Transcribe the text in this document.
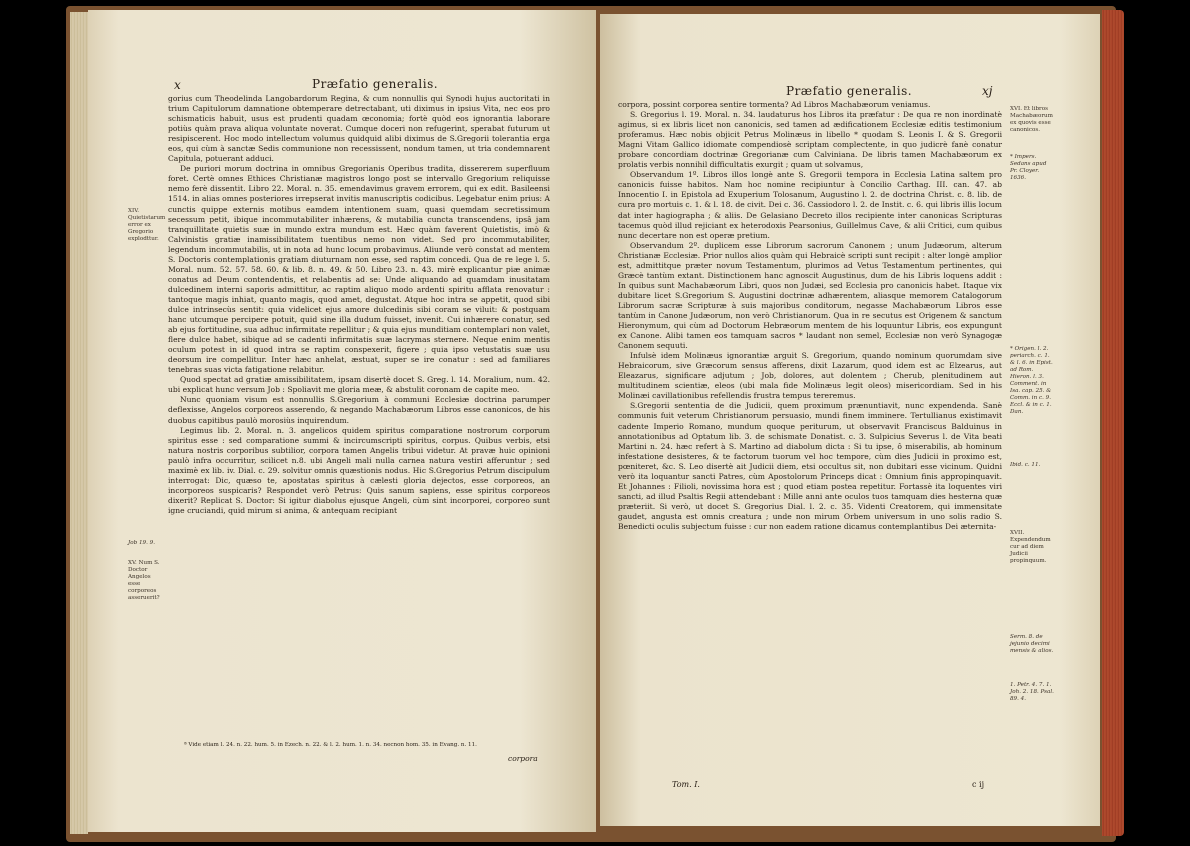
x	Præfatio generalis.

gorius cum Theodelinda Langobardorum Regina, & cum nonnullis qui Synodi hujus auctoritati in trium Capitulorum damnatione obtemperare detrectabant, uti diximus in ipsius Vita, nec eos pro schismaticis habuit, usus est prudenti quadam œconomia; fortè quòd eos ignorantia laborare potiùs quàm prava aliqua voluntate noverat. Cumque doceri non refugerint, sperabat futurum ut resipiscerent. Hoc modo intellectum volumus quidquid alibi diximus de S.Gregorii tolerantia erga eos, qui cùm à sanctæ Sedis communione non recessissent, nondum tamen, ut tria condemnarent Capitula, potuerant adduci.

De puriori morum doctrina in omnibus Gregorianis Operibus tradita, dissererem superfluum foret. Certè omnes Ethices Christianæ magistros longo post se intervallo Gregorium reliquisse nemo ferè dissentit. Libro 22. Moral. n. 35. emendavimus gravem errorem, qui ex edit. Basileensi 1514. in alias omnes posteriores irrepserat invitis manuscriptis codicibus. Legebatur enim prius: A cunctis quippe externis motibus eamdem intentionem suam, quasi quemdam secretissimum secessum petit, ibique incommutabiliter inhærens, & mutabilia cuncta transcendens, ipsâ jam tranquillitate quietis suæ in mundo extra mundum est. Hæc quàm faverent Quietistis, imò & Calvinistis gratiæ inamissibilitatem tuentibus nemo non videt. Sed pro incommutabiliter, legendum incommutabilis, ut in nota ad hunc locum probavimus. Aliunde verò constat ad mentem S. Doctoris contemplationis gratiam diuturnam non esse, sed raptim concedi. Qua de re lege l. 5. Moral. num. 52. 57. 58. 60. & lib. 8. n. 49. & 50. Libro 23. n. 43. mirè explicantur piæ animæ conatus ad Deum contendentis, et relabentis ad se: Unde aliquando ad quamdam inusitatam dulcedinem interni saporis admittitur, ac raptim aliquo modo ardenti spiritu afflata renovatur : tantoque magis inhiat, quanto magis, quod amet, degustat. Atque hoc intra se appetit, quod sibi dulce intrinsecùs sentit: quia videlicet ejus amore dulcedinis sibi coram se viluit: & postquam hanc utcumque percipere potuit, quid sine illa dudum fuisset, invenit. Cui inhærere conatur, sed ab ejus fortitudine, sua adhuc infirmitate repellitur ; & quia ejus munditiam contemplari non valet, flere dulce habet, sibique ad se cadenti infirmitatis suæ lacrymas sternere. Neque enim mentis oculum potest in id quod intra se raptim conspexerit, figere ; quia ipso vetustatis suæ usu deorsum ire compellitur. Inter hæc anhelat, æstuat, super se ire conatur : sed ad familiares tenebras suas victa fatigatione relabitur.

Quod spectat ad gratiæ amissibilitatem, ipsam disertè docet S. Greg. l. 14. Moralium, num. 42. ubi explicat hunc versum Job : Spoliavit me gloria meæ, & abstulit coronam de capite meo.

Nunc quoniam visum est nonnullis S.Gregorium à communi Ecclesiæ doctrina parumper deflexisse, Angelos corporeos asserendo, & negando Machabæorum Libros esse canonicos, de his duobus capitibus paulò morosiùs inquirendum.

Legimus lib. 2. Moral. n. 3. angelicos quidem spiritus comparatione nostrorum corporum spiritus esse : sed comparatione summi & incircumscripti spiritus, corpus. Quibus verbis, etsi natura nostris corporibus subtilior, corpora tamen Angelis tribui videtur. At pravæ huic opinioni paulò infra occurritur, scilicet n.8. ubi Angeli mali nulla carnea natura vestiri afferuntur ; sed maximè ex lib. iv. Dial. c. 29. solvitur omnis quæstionis nodus. Hic S.Gregorius Petrum discipulum interrogat: Dic, quæso te, apostatas spiritus à cælesti gloria dejectos, esse corporeos, an incorporeos suspicaris? Respondet verò Petrus: Quis sanum sapiens, esse spiritus corporeos dixerit? Replicat S. Doctor: Si igitur diabolus ejusque Angeli, cùm sint incorporei, corporeo sunt igne cruciandi, quid mirum si anima, & antequam recipiant

XIV. Quietistarum error ex Gregorio explodttur.
Job 19. 9.
XV. Num S. Doctor Angelos esse corporeos asseruerit?
ª Vide etiam l. 24. n. 22. hum. 5. in Ezech. n. 22. & l. 2. hum. 1. n. 34. necnon hom. 35. in Evang. n. 11.
corpora
Præfatio generalis.	xj

corpora, possint corporea sentire tormenta? Ad Libros Machabæorum veniamus.

S. Gregorius l. 19. Moral. n. 34. laudaturus hos Libros ita præfatur : De qua re non inordinatè agimus, si ex libris licet non canonicis, sed tamen ad ædificationem Ecclesiæ editis testimonium proferamus. Hæc nobis objicit Petrus Molinæus in libello * quodam S. Leonis I. & S. Gregorii Magni Vitam Gallico idiomate compendiosè scriptam complectente, in quo judicrè fanè conatur probare concordiam doctrinæ Gregorianæ cum Calviniana. De libris tamen Machabæorum ex prolatis verbis nonnihil difficultatis exurgit ; quam ut solvamus,

Observandum 1º. Libros illos longè ante S. Gregorii tempora in Ecclesia Latina saltem pro canonicis fuisse habitos. Nam hoc nomine recipiuntur à Concilio Carthag. III. can. 47. ab Innocentio I. in Epistola ad Exuperium Tolosanum, Augustino l. 2. de doctrina Christ. c. 8. lib. de cura pro mortuis c. 1. & l. 18. de civit. Dei c. 36. Cassiodoro l. 2. de Instit. c. 6. qui libris illis locum dat inter hagiographa ; & aliis. De Gelasiano Decreto illos recipiente inter canonicas Scripturas tacemus quòd illud rejiciant ex heterodoxis Pearsonius, Guillelmus Cave, & alii Critici, cum quibus nunc decertare non est operæ pretium.

Observandum 2º. duplicem esse Librorum sacrorum Canonem ; unum Judæorum, alterum Christianæ Ecclesiæ. Prior nullos alios quàm qui Hebraicè scripti sunt recipit : alter longè amplior est, admittitque præter novum Testamentum, plurimos ad Vetus Testamentum pertinentes, qui Græcè tantùm extant. Distinctionem hanc agnoscit Augustinus, dum de his Libris loquens addit : In quibus sunt Machabæorum Libri, quos non Judæi, sed Ecclesia pro canonicis habet. Itaque vix dubitare licet S.Gregorium S. Augustini doctrinæ adhærentem, aliasque memorem Catalogorum Librorum sacræ Scripturæ à suis majoribus conditorum, negasse Machabæorum Libros esse tantùm in Canone Judæorum, non verò Christianorum. Qua in re secutus est Origenem & sanctum Hieronymum, qui cùm ad Doctorum Hebræorum mentem de his loquuntur Libris, eos expungunt ex Canone. Alibi tamen eos tamquam sacros * laudant non semel, Ecclesiæ non verò Synagogæ Canonem sequuti.

Infulsè idem Molinæus ignorantiæ arguit S. Gregorium, quando nominum quorumdam sive Hebraicorum, sive Græcorum sensus afferens, dixit Lazarum, quod idem est ac Elzearus, aut Eleazarus, significare adjutum ; Job, dolores, aut dolentem ; Cherub, plenitudinem aut multitudinem scientiæ, eleos (ubi mala fide Molinæus legit oleos) misericordiam. Sed in his Molinæi cavillationibus refellendis frustra tempus tereremus.

S.Gregorii sententia de die Judicii, quem proximum prænuntiavit, nunc expendenda. Sanè communis fuit veterum Christianorum persuasio, mundi finem imminere. Tertullianus existimavit cadente Imperio Romano, mundum quoque periturum, ut observavit Franciscus Balduinus in annotationibus ad Optatum lib. 3. de schismate Donatist. c. 3. Sulpicius Severus l. de Vita beati Martini n. 24. hæc refert à S. Martino ad diabolum dicta : Si tu ipse, ô miserabilis, ab hominum infestatione desisteres, & te factorum tuorum vel hoc tempore, cùm dies Judicii in proximo est, pœniteret, &c. S. Leo disertè ait Judicii diem, etsi occultus sit, non dubitari esse vicinum. Quidni verò ita loquantur sancti Patres, cùm Apostolorum Princeps dicat : Omnium finis appropinquavit. Et Johannes : Filioli, novissima hora est ; quod etiam postea repetitur. Fortassè ita loquentes viri sancti, ad illud Psaltis Regii attendebant : Mille anni ante oculos tuos tamquam dies hesterna quæ præteriit. Si verò, ut docet S. Gregorius Dial. l. 2. c. 35. Videnti Creatorem, qui immensitate gaudet, angusta est omnis creatura ; unde non mirum Orbem universum in uno solis radio S. Benedicti oculis subjectum fuisse : cur non eadem ratione dicamus contemplantibus Dei æternita-

XVI. Et libros Machabæorum ex quovis esse canonicos.
* Impers. Sedans apud Pr. Cloyer. 1636.
* Origen. l. 2. periarch. c. 1. & l. 6. in Epist. ad Rom. Hieron. l. 3. Comment. in Isa. cap. 25. & Comm. in c. 9. Eccl. & in c. 1. Dan.
Ibid. c. 11.
XVII. Expendendum cur ad diem Judicii propinquum.
Serm. 8. de jejunio decimi mensis & alios.
1. Petr. 4. 7. 1. Joh. 2. 18. Psal. 89. 4.
Tom. I.	c ij
